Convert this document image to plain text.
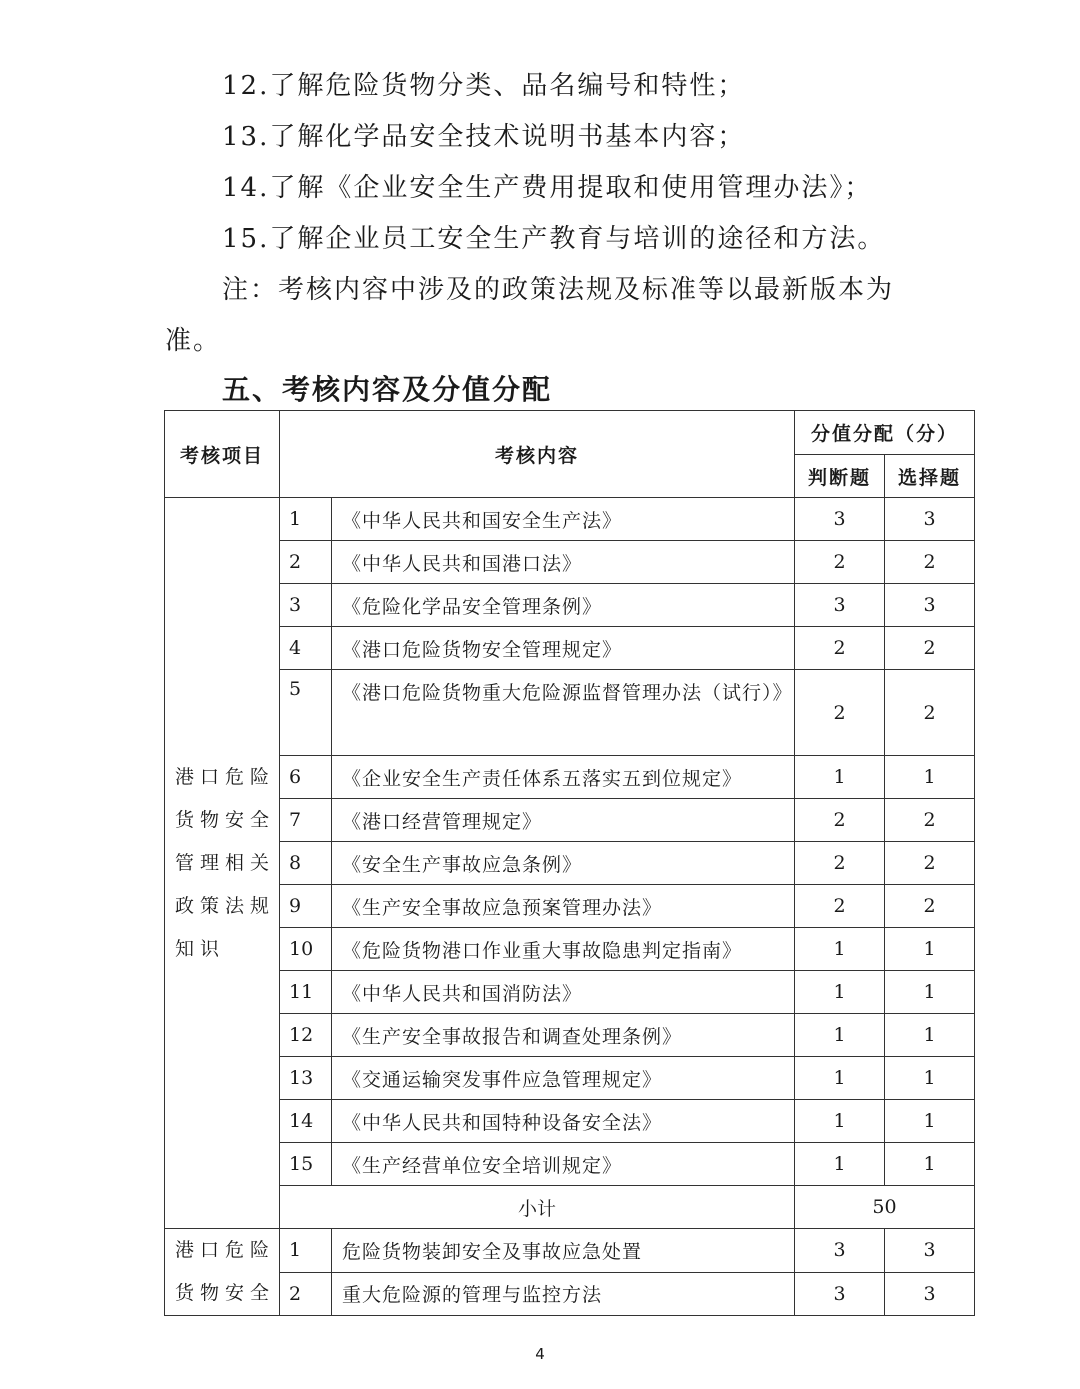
12.了解危险货物分类、品名编号和特性；
13.了解化学品安全技术说明书基本内容；
14.了解《企业安全生产费用提取和使用管理办法》；
15.了解企业员工安全生产教育与培训的途径和方法。
注：考核内容中涉及的政策法规及标准等以最新版本为
准。
五、考核内容及分值分配
考核项目	考核内容		分值分配（分）	
			判断题	选择题
港口危险货物安全管理相关政策法规知识	1	《中华人民共和国安全生产法》	3	3
	2	《中华人民共和国港口法》	2	2
	3	《危险化学品安全管理条例》	3	3
	4	《港口危险货物安全管理规定》	2	2
	5	《港口危险货物重大危险源监督管理办法（试行）》	2	2
	6	《企业安全生产责任体系五落实五到位规定》	1	1
	7	《港口经营管理规定》	2	2
	8	《安全生产事故应急条例》	2	2
	9	《生产安全事故应急预案管理办法》	2	2
	10	《危险货物港口作业重大事故隐患判定指南》	1	1
	11	《中华人民共和国消防法》	1	1
	12	《生产安全事故报告和调查处理条例》	1	1
	13	《交通运输突发事件应急管理规定》	1	1
	14	《中华人民共和国特种设备安全法》	1	1
	15	《生产经营单位安全培训规定》	1	1
	小计		50	
港口危险货物安全	1	危险货物装卸安全及事故应急处置	3	3
	2	重大危险源的管理与监控方法	3	3
4
